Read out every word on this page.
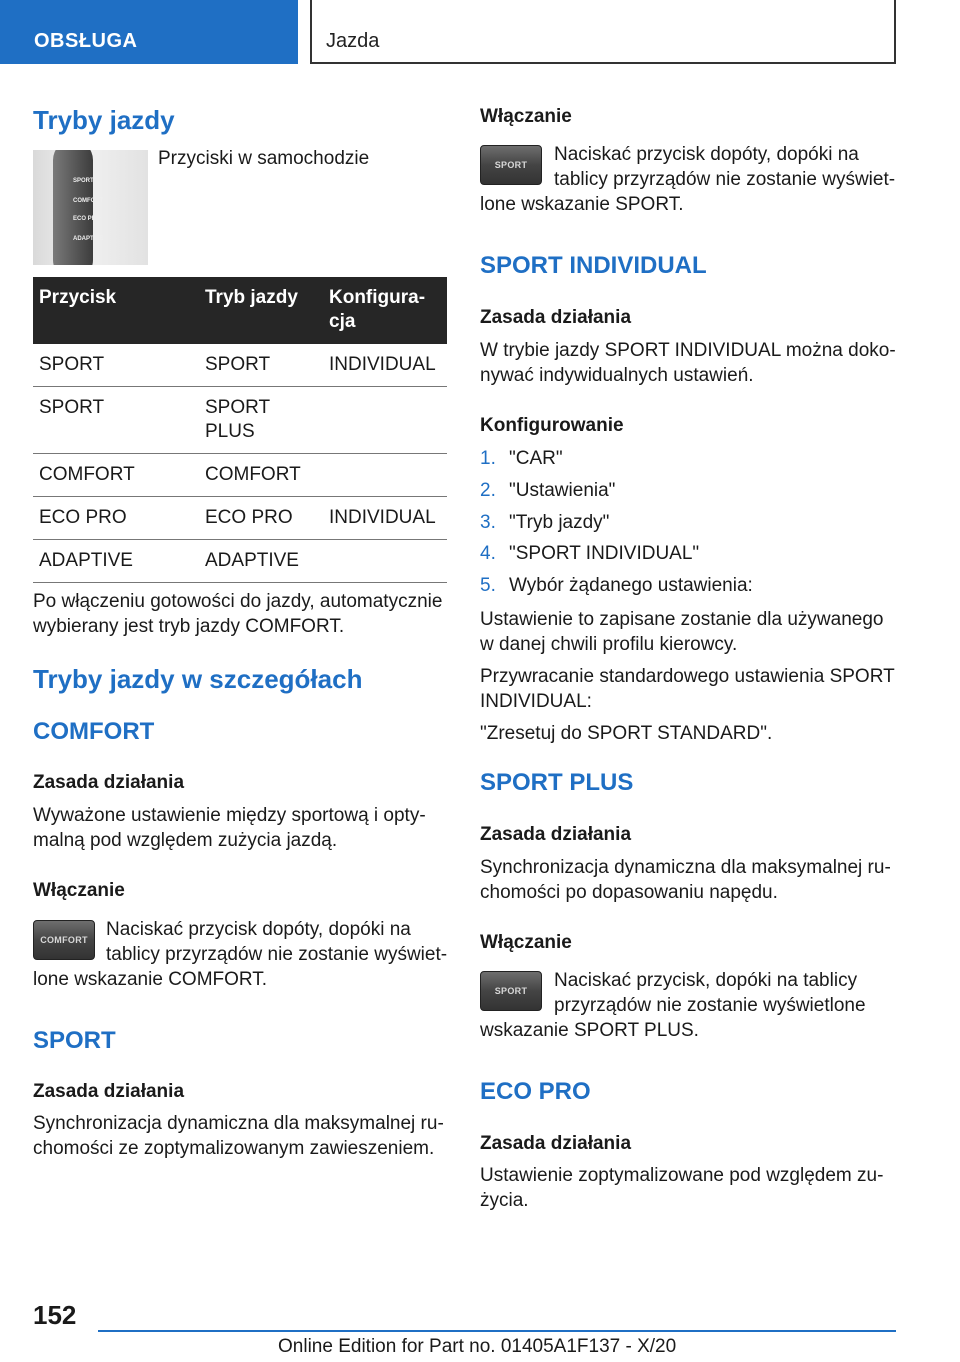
OBSŁUGA	Jazda
Tryby jazdy
SPORT
COMFORT
ECO PRO
ADAPTIVE

Przyciski w samochodzie

Przycisk	Tryb jazdy	Konfigura-
cja
SPORT	SPORT	INDIVIDUAL
SPORT	SPORT
PLUS	
COMFORT	COMFORT	
ECO PRO	ECO PRO	INDIVIDUAL
ADAPTIVE	ADAPTIVE	

Po włączeniu gotowości do jazdy, automatycznie wybierany jest tryb jazdy COMFORT.

Tryby jazdy w szczegółach
COMFORT
Zasada działania

Wyważone ustawienie między sportową i opty-malną pod względem zużycia jazdą.

Włączanie
COMFORT Naciskać przycisk dopóty, dopóki na

tablicy przyrządów nie zostanie wyświet-

lone wskazanie COMFORT.

SPORT
Zasada działania

Synchronizacja dynamiczna dla maksymalnej ru-chomości ze zoptymalizowanym zawieszeniem.

Włączanie
SPORT	Naciskać przycisk dopóty, dopóki na

tablicy przyrządów nie zostanie wyświet-

lone wskazanie SPORT.

SPORT INDIVIDUAL
Zasada działania

W trybie jazdy SPORT INDIVIDUAL można doko-nywać indywidualnych ustawień.

Konfigurowanie
1. "CAR"
2. "Ustawienia"
3. "Tryb jazdy"
4. "SPORT INDIVIDUAL"
5. Wybór żądanego ustawienia:

Ustawienie to zapisane zostanie dla używanego w danej chwili profilu kierowcy.

Przywracanie standardowego ustawienia SPORT INDIVIDUAL:

"Zresetuj do SPORT STANDARD".

SPORT PLUS
Zasada działania

Synchronizacja dynamiczna dla maksymalnej ru-chomości po dopasowaniu napędu.

Włączanie
SPORT	Naciskać przycisk, dopóki na tablicy

przyrządów nie zostanie wyświetlone

wskazanie SPORT PLUS.

ECO PRO
Zasada działania

Ustawienie zoptymalizowane pod względem zu-życia.

152
Online Edition for Part no. 01405A1F137 - X/20
